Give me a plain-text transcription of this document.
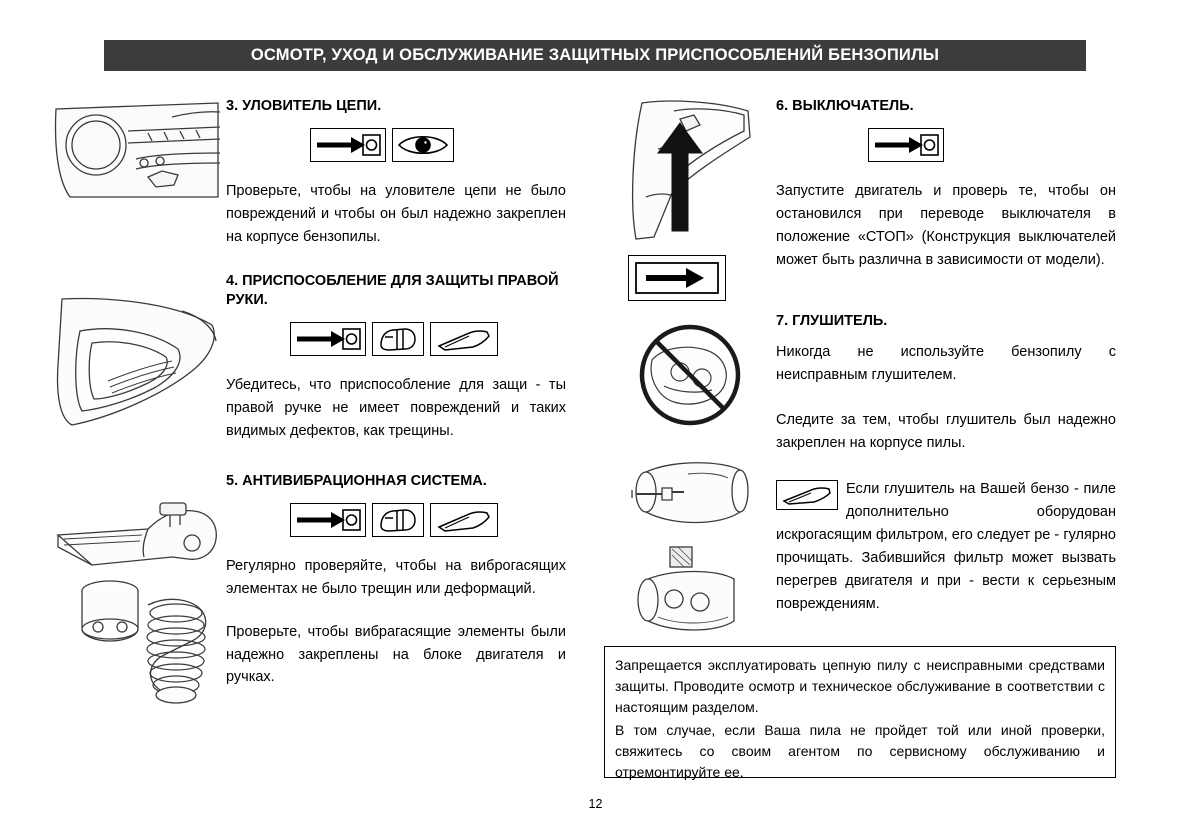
ОСМОТР, УХОД И ОБСЛУЖИВАНИЕ ЗАЩИТНЫХ ПРИСПОСОБЛЕНИЙ БЕНЗОПИЛЫ
3. УЛОВИТЕЛЬ ЦЕПИ.

Проверьте, чтобы на уловителе цепи не было повреждений и чтобы он был надежно закреплен на корпусе бензопилы.

4. ПРИСПОСОБЛЕНИЕ ДЛЯ ЗАЩИТЫ ПРАВОЙ РУКИ.

Убедитесь, что приспособление для защи - ты правой ручке не имеет повреждений и таких видимых дефектов, как трещины.

5. АНТИВИБРАЦИОННАЯ СИСТЕМА.

Регулярно проверяйте, чтобы на виброгасящих элементах не было трещин или деформаций.

Проверьте, чтобы вибрагасящие элементы были надежно закреплены на блоке двигателя и ручках.

6. ВЫКЛЮЧАТЕЛЬ.

Запустите двигатель и проверь те, чтобы он остановился при переводе выключателя в положение «СТОП» (Конструкция выключателей может быть различна в зависимости от модели).

7. ГЛУШИТЕЛЬ.

Никогда не используйте бензопилу с неисправным глушителем.

Следите за тем, чтобы глушитель был надежно закреплен на корпусе пилы.

Если глушитель на Вашей бензо - пиле дополнительно оборудован искрогасящим фильтром, его следует ре - гулярно прочищать. Забившийся фильтр может вызвать перегрев двигателя и при - вести к серьезным повреждениям.

Запрещается эксплуатировать цепную пилу с неисправными средствами защиты. Проводите осмотр и техническое обслуживание в соответствии с настоящим разделом.

В том случае, если Ваша пила не пройдет той или иной проверки, свяжитесь со своим агентом по сервисному обслуживанию и отремонтируйте ее.

12
